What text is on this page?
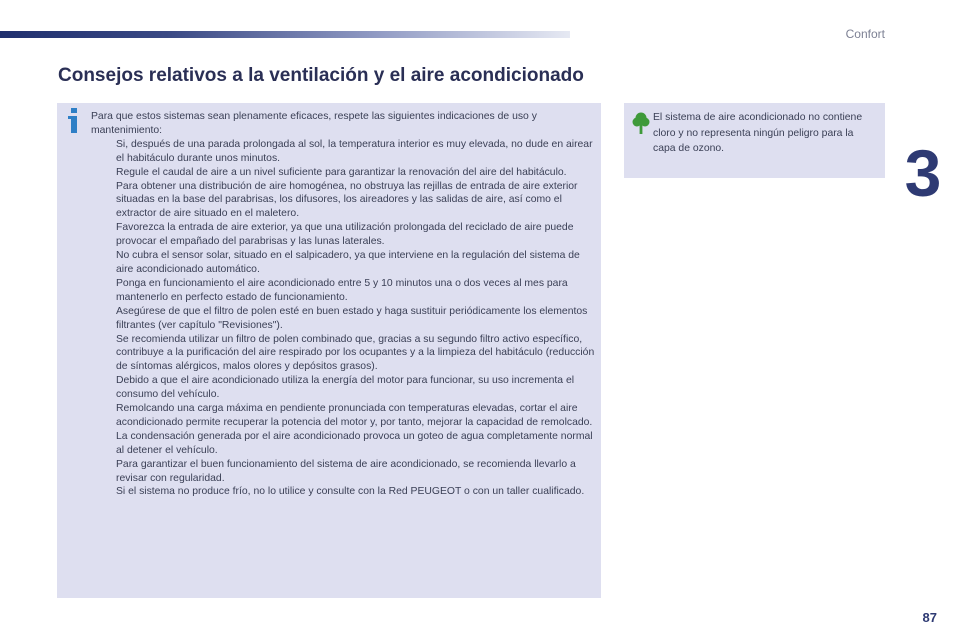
Confort
3
Consejos relativos a la ventilación y el aire acondicionado

Para que estos sistemas sean plenamente eficaces, respete las siguientes indicaciones de uso y mantenimiento:

Si, después de una parada prolongada al sol, la temperatura interior es muy elevada, no dude en airear el habitáculo durante unos minutos.

Regule el caudal de aire a un nivel suficiente para garantizar la renovación del aire del habitáculo.

Para obtener una distribución de aire homogénea, no obstruya las rejillas de entrada de aire exterior situadas en la base del parabrisas, los difusores, los aireadores y las salidas de aire, así como el extractor de aire situado en el maletero.

Favorezca la entrada de aire exterior, ya que una utilización prolongada del reciclado de aire puede provocar el empañado del parabrisas y las lunas laterales.

No cubra el sensor solar, situado en el salpicadero, ya que interviene en la regulación del sistema de aire acondicionado automático.

Ponga en funcionamiento el aire acondicionado entre 5 y 10 minutos una o dos veces al mes para mantenerlo en perfecto estado de funcionamiento.

Asegúrese de que el filtro de polen esté en buen estado y haga sustituir periódicamente los elementos filtrantes (ver capítulo "Revisiones").

Se recomienda utilizar un filtro de polen combinado que, gracias a su segundo filtro activo específico, contribuye a la purificación del aire respirado por los ocupantes y a la limpieza del habitáculo (reducción de síntomas alérgicos, malos olores y depósitos grasos).

Debido a que el aire acondicionado utiliza la energía del motor para funcionar, su uso incrementa el consumo del vehículo.

Remolcando una carga máxima en pendiente pronunciada con temperaturas elevadas, cortar el aire acondicionado permite recuperar la potencia del motor y, por tanto, mejorar la capacidad de remolcado.

La condensación generada por el aire acondicionado provoca un goteo de agua completamente normal al detener el vehículo.

Para garantizar el buen funcionamiento del sistema de aire acondicionado, se recomienda llevarlo a revisar con regularidad.

Si el sistema no produce frío, no lo utilice y consulte con la Red PEUGEOT o con un taller cualificado.

El sistema de aire acondicionado no contiene cloro y no representa ningún peligro para la capa de ozono.

87
